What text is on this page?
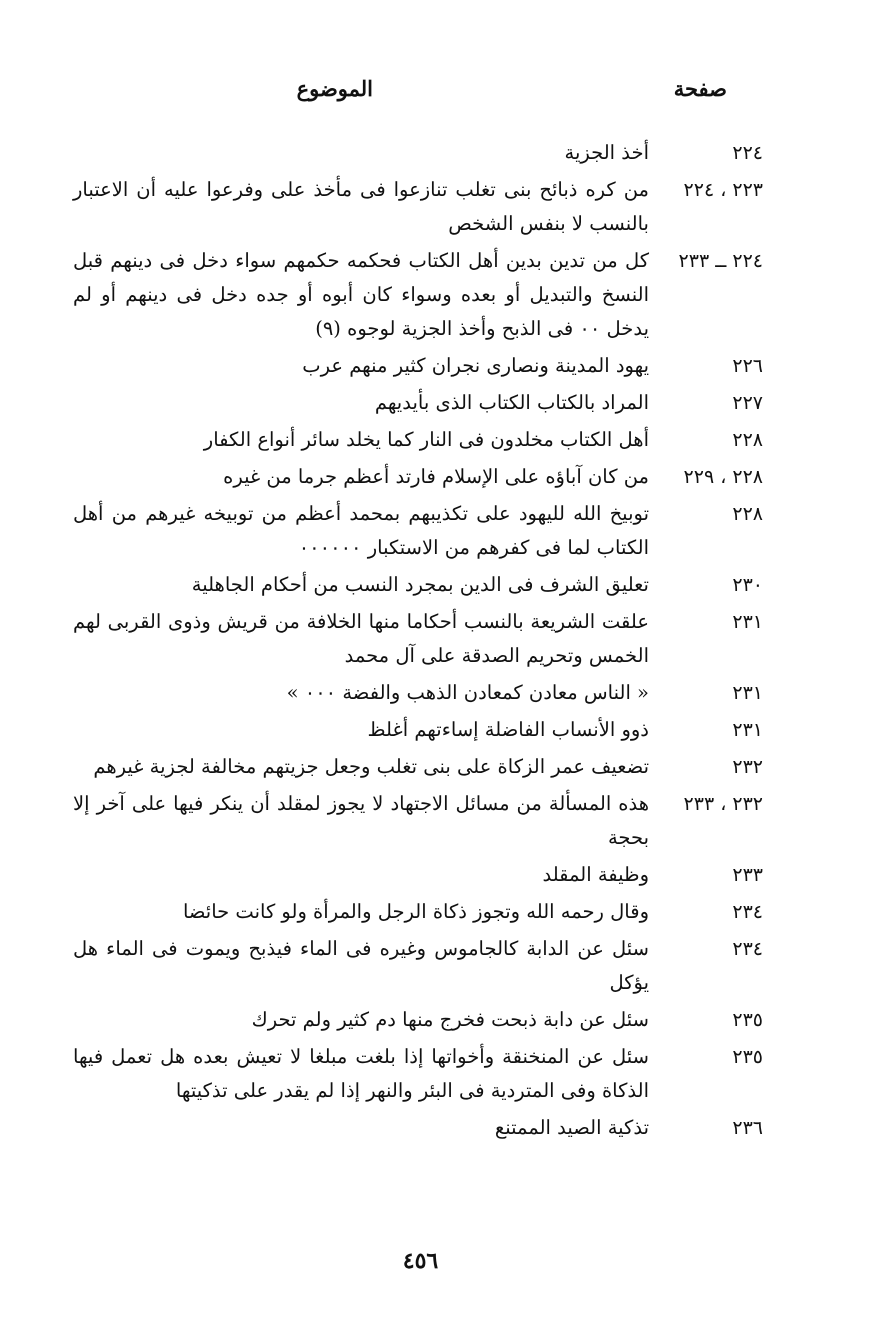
صفحة
الموضوع
٢٢٤
أخذ الجزية
٢٢٣ ، ٢٢٤
من كره ذبائح بنى تغلب تنازعوا فى مأخذ على وفرعوا عليه أن الاعتبار بالنسب لا بنفس الشخص
٢٢٤ ــ ٢٣٣
كل من تدين بدين أهل الكتاب فحكمه حكمهم سواء دخل فى دينهم قبل النسخ والتبديل أو بعده وسواء كان أبوه أو جده دخل فى دينهم أو لم يدخل ٠٠ فى الذبح وأخذ الجزية لوجوه (٩)
٢٢٦
يهود المدينة ونصارى نجران كثير منهم عرب
٢٢٧
المراد بالكتاب الكتاب الذى بأيديهم
٢٢٨
أهل الكتاب مخلدون فى النار كما يخلد سائر أنواع الكفار
٢٢٨ ، ٢٢٩
من كان آباؤه على الإسلام فارتد أعظم جرما من غيره
٢٢٨
توبيخ الله لليهود على تكذيبهم بمحمد أعظم من توبيخه غيرهم من أهل الكتاب لما فى كفرهم من الاستكبار ٠٠٠٠٠٠
٢٣٠
تعليق الشرف فى الدين بمجرد النسب من أحكام الجاهلية
٢٣١
علقت الشريعة بالنسب أحكاما منها الخلافة من قريش وذوى القربى لهم الخمس وتحريم الصدقة على آل محمد
٢٣١
« الناس معادن كمعادن الذهب والفضة ٠٠٠ »
٢٣١
ذوو الأنساب الفاضلة إساءتهم أغلظ
٢٣٢
تضعيف عمر الزكاة على بنى تغلب وجعل جزيتهم مخالفة لجزية غيرهم
٢٣٢ ، ٢٣٣
هذه المسألة من مسائل الاجتهاد لا يجوز لمقلد أن ينكر فيها على آخر إلا بحجة
٢٣٣
وظيفة المقلد
٢٣٤
وقال رحمه الله وتجوز ذكاة الرجل والمرأة ولو كانت حائضا
٢٣٤
سئل عن الدابة كالجاموس وغيره فى الماء فيذبح ويموت فى الماء هل يؤكل
٢٣٥
سئل عن دابة ذبحت فخرج منها دم كثير ولم تحرك
٢٣٥
سئل عن المنخنقة وأخواتها إذا بلغت مبلغا لا تعيش بعده هل تعمل فيها الذكاة وفى المتردية فى البئر والنهر إذا لم يقدر على تذكيتها
٢٣٦
تذكية الصيد الممتنع
٤٥٦
